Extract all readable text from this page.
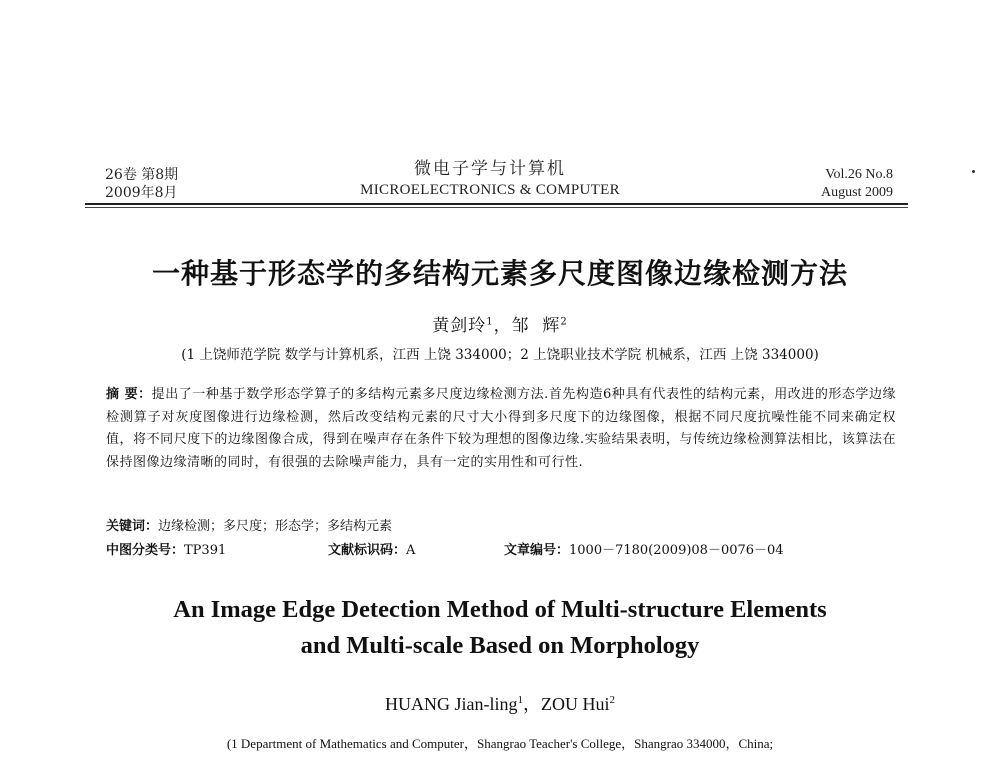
26卷 第8期
2009年8月
微电子学与计算机
MICROELECTRONICS & COMPUTER
Vol.26 No.8
August 2009
一种基于形态学的多结构元素多尺度图像边缘检测方法
黄剑玲$^1$，邹  辉$^2$
(1 上饶师范学院 数学与计算机系，江西 上饶 334000；2 上饶职业技术学院 机械系，江西 上饶 334000)
摘 要：提出了一种基于数学形态学算子的多结构元素多尺度边缘检测方法.首先构造6种具有代表性的结构元素，用改进的形态学边缘检测算子对灰度图像进行边缘检测，然后改变结构元素的尺寸大小得到多尺度下的边缘图像，根据不同尺度抗噪性能不同来确定权值，将不同尺度下的边缘图像合成，得到在噪声存在条件下较为理想的图像边缘.实验结果表明，与传统边缘检测算法相比，该算法在保持图像边缘清晰的同时，有很强的去除噪声能力，具有一定的实用性和可行性.
关键词：边缘检测；多尺度；形态学；多结构元素
中图分类号：TP391	文献标识码：A	文章编号：1000－7180(2009)08－0076－04
An Image Edge Detection Method of Multi-structure Elements
and Multi-scale Based on Morphology
HUANG Jian-ling$^1$，ZOU Hui$^2$
(1 Department of Mathematics and Computer，Shangrao Teacher's College，Shangrao 334000，China;
